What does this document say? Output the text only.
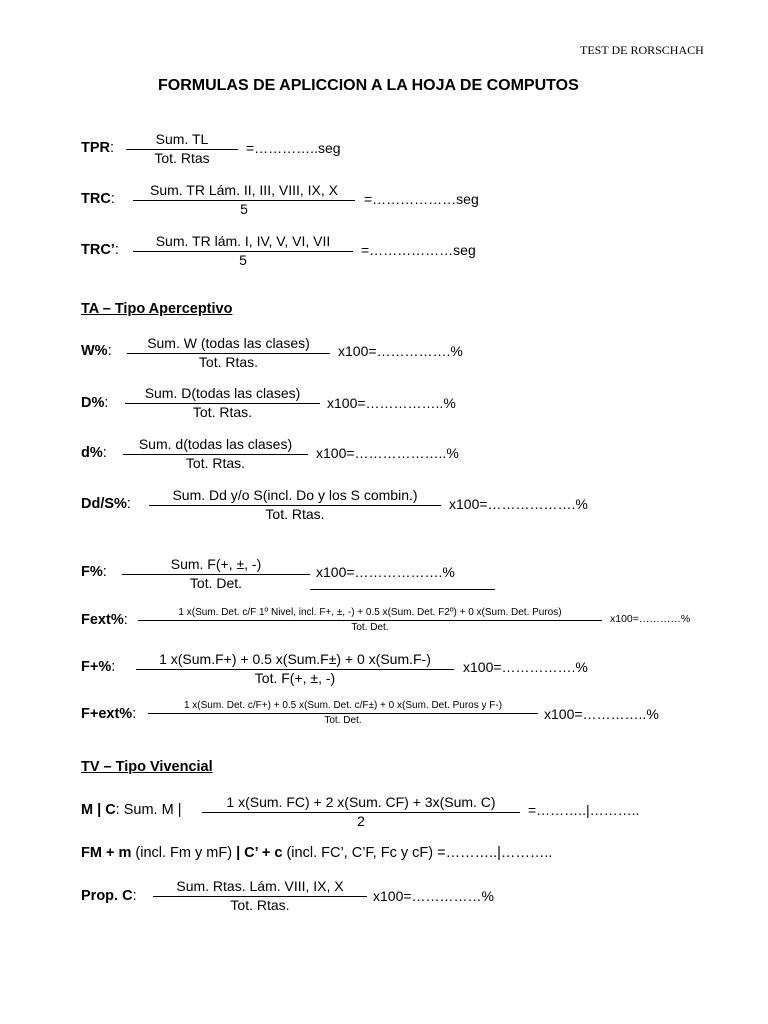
TEST DE RORSCHACH
FORMULAS DE APLICCION A LA HOJA DE COMPUTOS
TPR:
Sum. TL
Tot. Rtas
=…………..seg
TRC:
Sum. TR Lám. II, III, VIII, IX, X
5
=………………seg
TRC’:
Sum. TR lám. I, IV, V, VI, VII
5
=………………seg
TA – Tipo Aperceptivo
W%:	Sum. W (todas las clases)
Tot. Rtas.
x100=…………….%
D%:
Sum. D(todas las clases)
Tot. Rtas.
x100=……………..%
d%:
Sum. d(todas las clases)
Tot. Rtas.
x100=………………..%
Dd/S%:
Sum. Dd y/o S(incl. Do y los S combin.)
Tot. Rtas.
x100=……………….%
F%:	Sum. F(+, ±, -)
Tot. Det.
x100=……………….%
Fext%:	1 x(Sum. Det. c/F 1º Nivel, incl. F+, ±, -) + 0.5 x(Sum. Det. F2º) + 0 x(Sum. Det. Puros)
Tot. Det.
x100=…………%
F+%:	1 x(Sum.F+) + 0.5 x(Sum.F±) + 0 x(Sum.F-)
Tot. F(+, ±, -)
x100=…………….%
F+ext%:
1 x(Sum. Det. c/F+) + 0.5 x(Sum. Det. c/F±) + 0 x(Sum. Det. Puros y F-)
Tot. Det.	x100=…………..%
TV – Tipo Vivencial
M | C: Sum. M |	1 x(Sum. FC) + 2 x(Sum. CF) + 3x(Sum. C)
2
=………..|………..
FM + m (incl. Fm y mF) | C’ + c (incl. FC’, C’F, Fc y cF) =………..|………..
Prop. C:
Sum. Rtas. Lám. VIII, IX, X
Tot. Rtas.
x100=……………%
